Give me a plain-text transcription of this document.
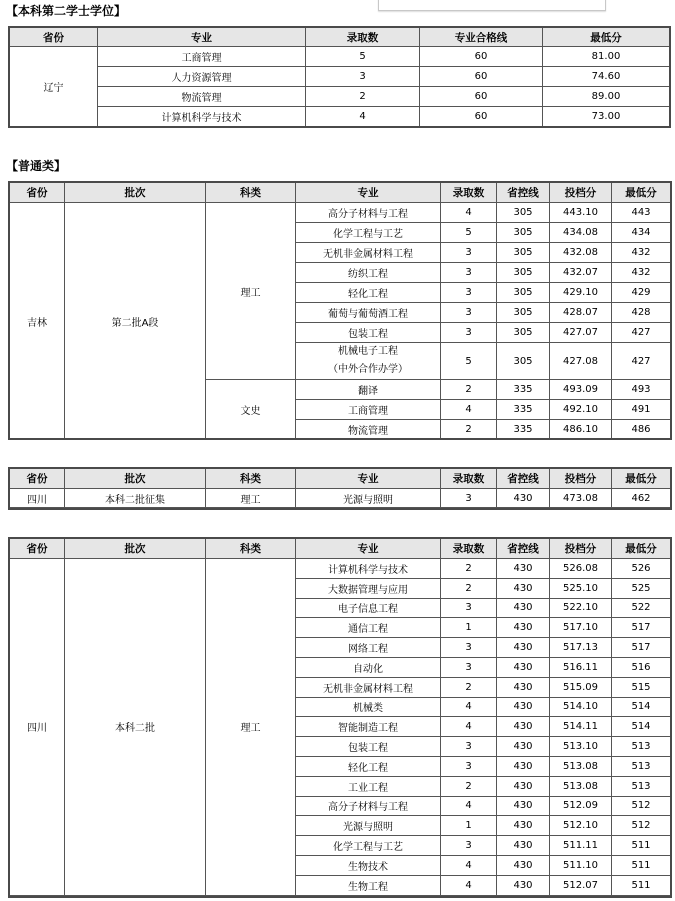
【本科第二学士学位】
省份	专业	录取数	专业合格线	最低分
辽宁	工商管理	5	60	81.00
	人力资源管理	3	60	74.60
	物流管理	2	60	89.00
	计算机科学与技术	4	60	73.00
【普通类】
省份	批次	科类	专业	录取数	省控线	投档分	最低分
吉林	第二批A段	理工	高分子材料与工程	4	305	443.10	443
			化学工程与工艺	5	305	434.08	434
			无机非金属材料工程	3	305	432.08	432
			纺织工程	3	305	432.07	432
			轻化工程	3	305	429.10	429
			葡萄与葡萄酒工程	3	305	428.07	428
			包装工程	3	305	427.07	427

			机械电子工程
（中外合作办学）	5	305	427.08	427
		文史	翻译	2	335	493.09	493
			工商管理	4	335	492.10	491
			物流管理	2	335	486.10	486
省份	批次	科类	专业	录取数	省控线	投档分	最低分
四川	本科二批征集	理工	光源与照明	3	430	473.08	462
省份	批次	科类	专业	录取数	省控线	投档分	最低分
四川	本科二批	理工	计算机科学与技术	2	430	526.08	526
			大数据管理与应用	2	430	525.10	525
			电子信息工程	3	430	522.10	522
			通信工程	1	430	517.10	517
			网络工程	3	430	517.13	517
			自动化	3	430	516.11	516
			无机非金属材料工程	2	430	515.09	515
			机械类	4	430	514.10	514
			智能制造工程	4	430	514.11	514
			包装工程	3	430	513.10	513
			轻化工程	3	430	513.08	513
			工业工程	2	430	513.08	513
			高分子材料与工程	4	430	512.09	512
			光源与照明	1	430	512.10	512
			化学工程与工艺	3	430	511.11	511
			生物技术	4	430	511.10	511
			生物工程	4	430	512.07	511
